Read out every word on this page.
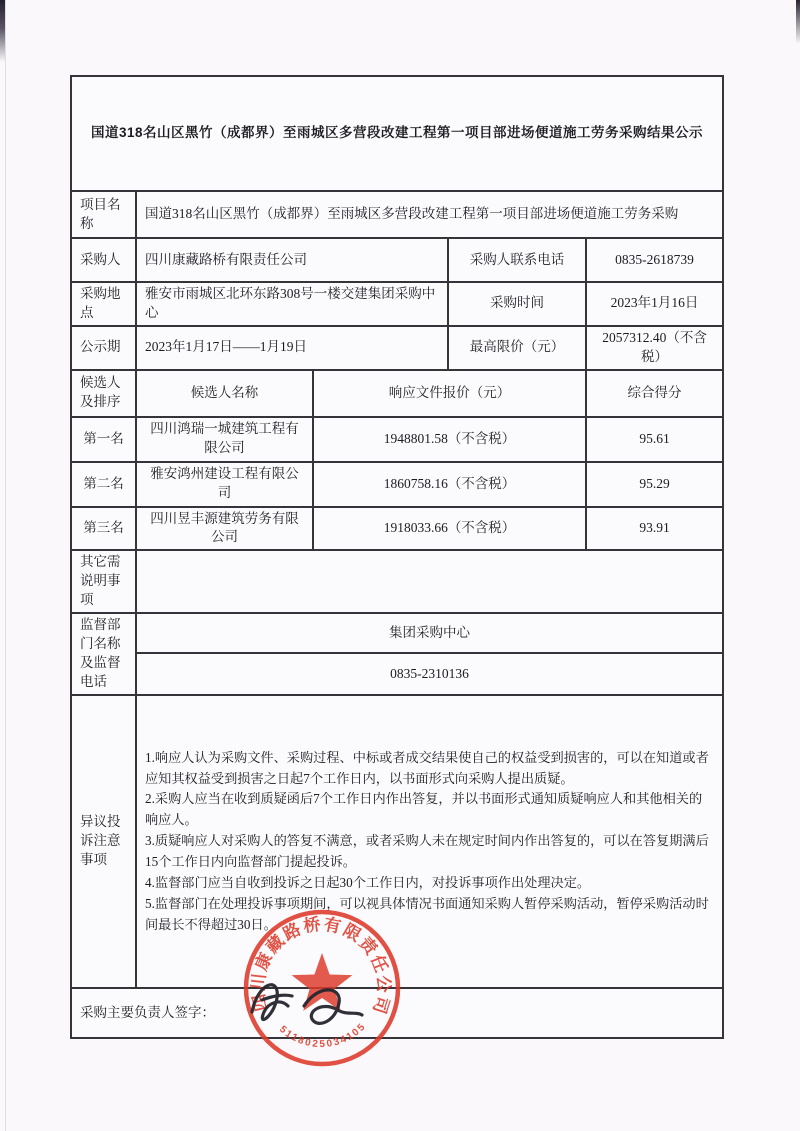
国道318名山区黑竹（成都界）至雨城区多营段改建工程第一项目部进场便道施工劳务采购结果公示				
项目名称	国道318名山区黑竹（成都界）至雨城区多营段改建工程第一项目部进场便道施工劳务采购			
采购人	四川康藏路桥有限责任公司		采购人联系电话	0835-2618739
采购地点	雅安市雨城区北环东路308号一楼交建集团采购中心		采购时间	2023年1月16日
公示期	2023年1月17日——1月19日		最高限价（元）	2057312.40（不含税）
候选人及排序	候选人名称	响应文件报价（元）		综合得分
第一名	四川鸿瑞一城建筑工程有限公司	1948801.58（不含税）		95.61
第二名	雅安鸿州建设工程有限公司	1860758.16（不含税）		95.29
第三名	四川昱丰源建筑劳务有限公司	1918033.66（不含税）		93.91
其它需说明事项				
监督部门名称及监督电话	集团采购中心			
	0835-2310136			
异议投诉注意事项	1.响应人认为采购文件、采购过程、中标或者成交结果使自己的权益受到损害的，可以在知道或者应知其权益受到损害之日起7个工作日内，以书面形式向采购人提出质疑。
2.采购人应当在收到质疑函后7个工作日内作出答复，并以书面形式通知质疑响应人和其他相关的响应人。
3.质疑响应人对采购人的答复不满意，或者采购人未在规定时间内作出答复的，可以在答复期满后15个工作日内向监督部门提起投诉。
4.监督部门应当自收到投诉之日起30个工作日内，对投诉事项作出处理决定。
5.监督部门在处理投诉事项期间，可以视具体情况书面通知采购人暂停采购活动，暂停采购活动时间最长不得超过30日。			

采购主要负责人签字：				四川康藏路桥有限责任公司
5118025034105
